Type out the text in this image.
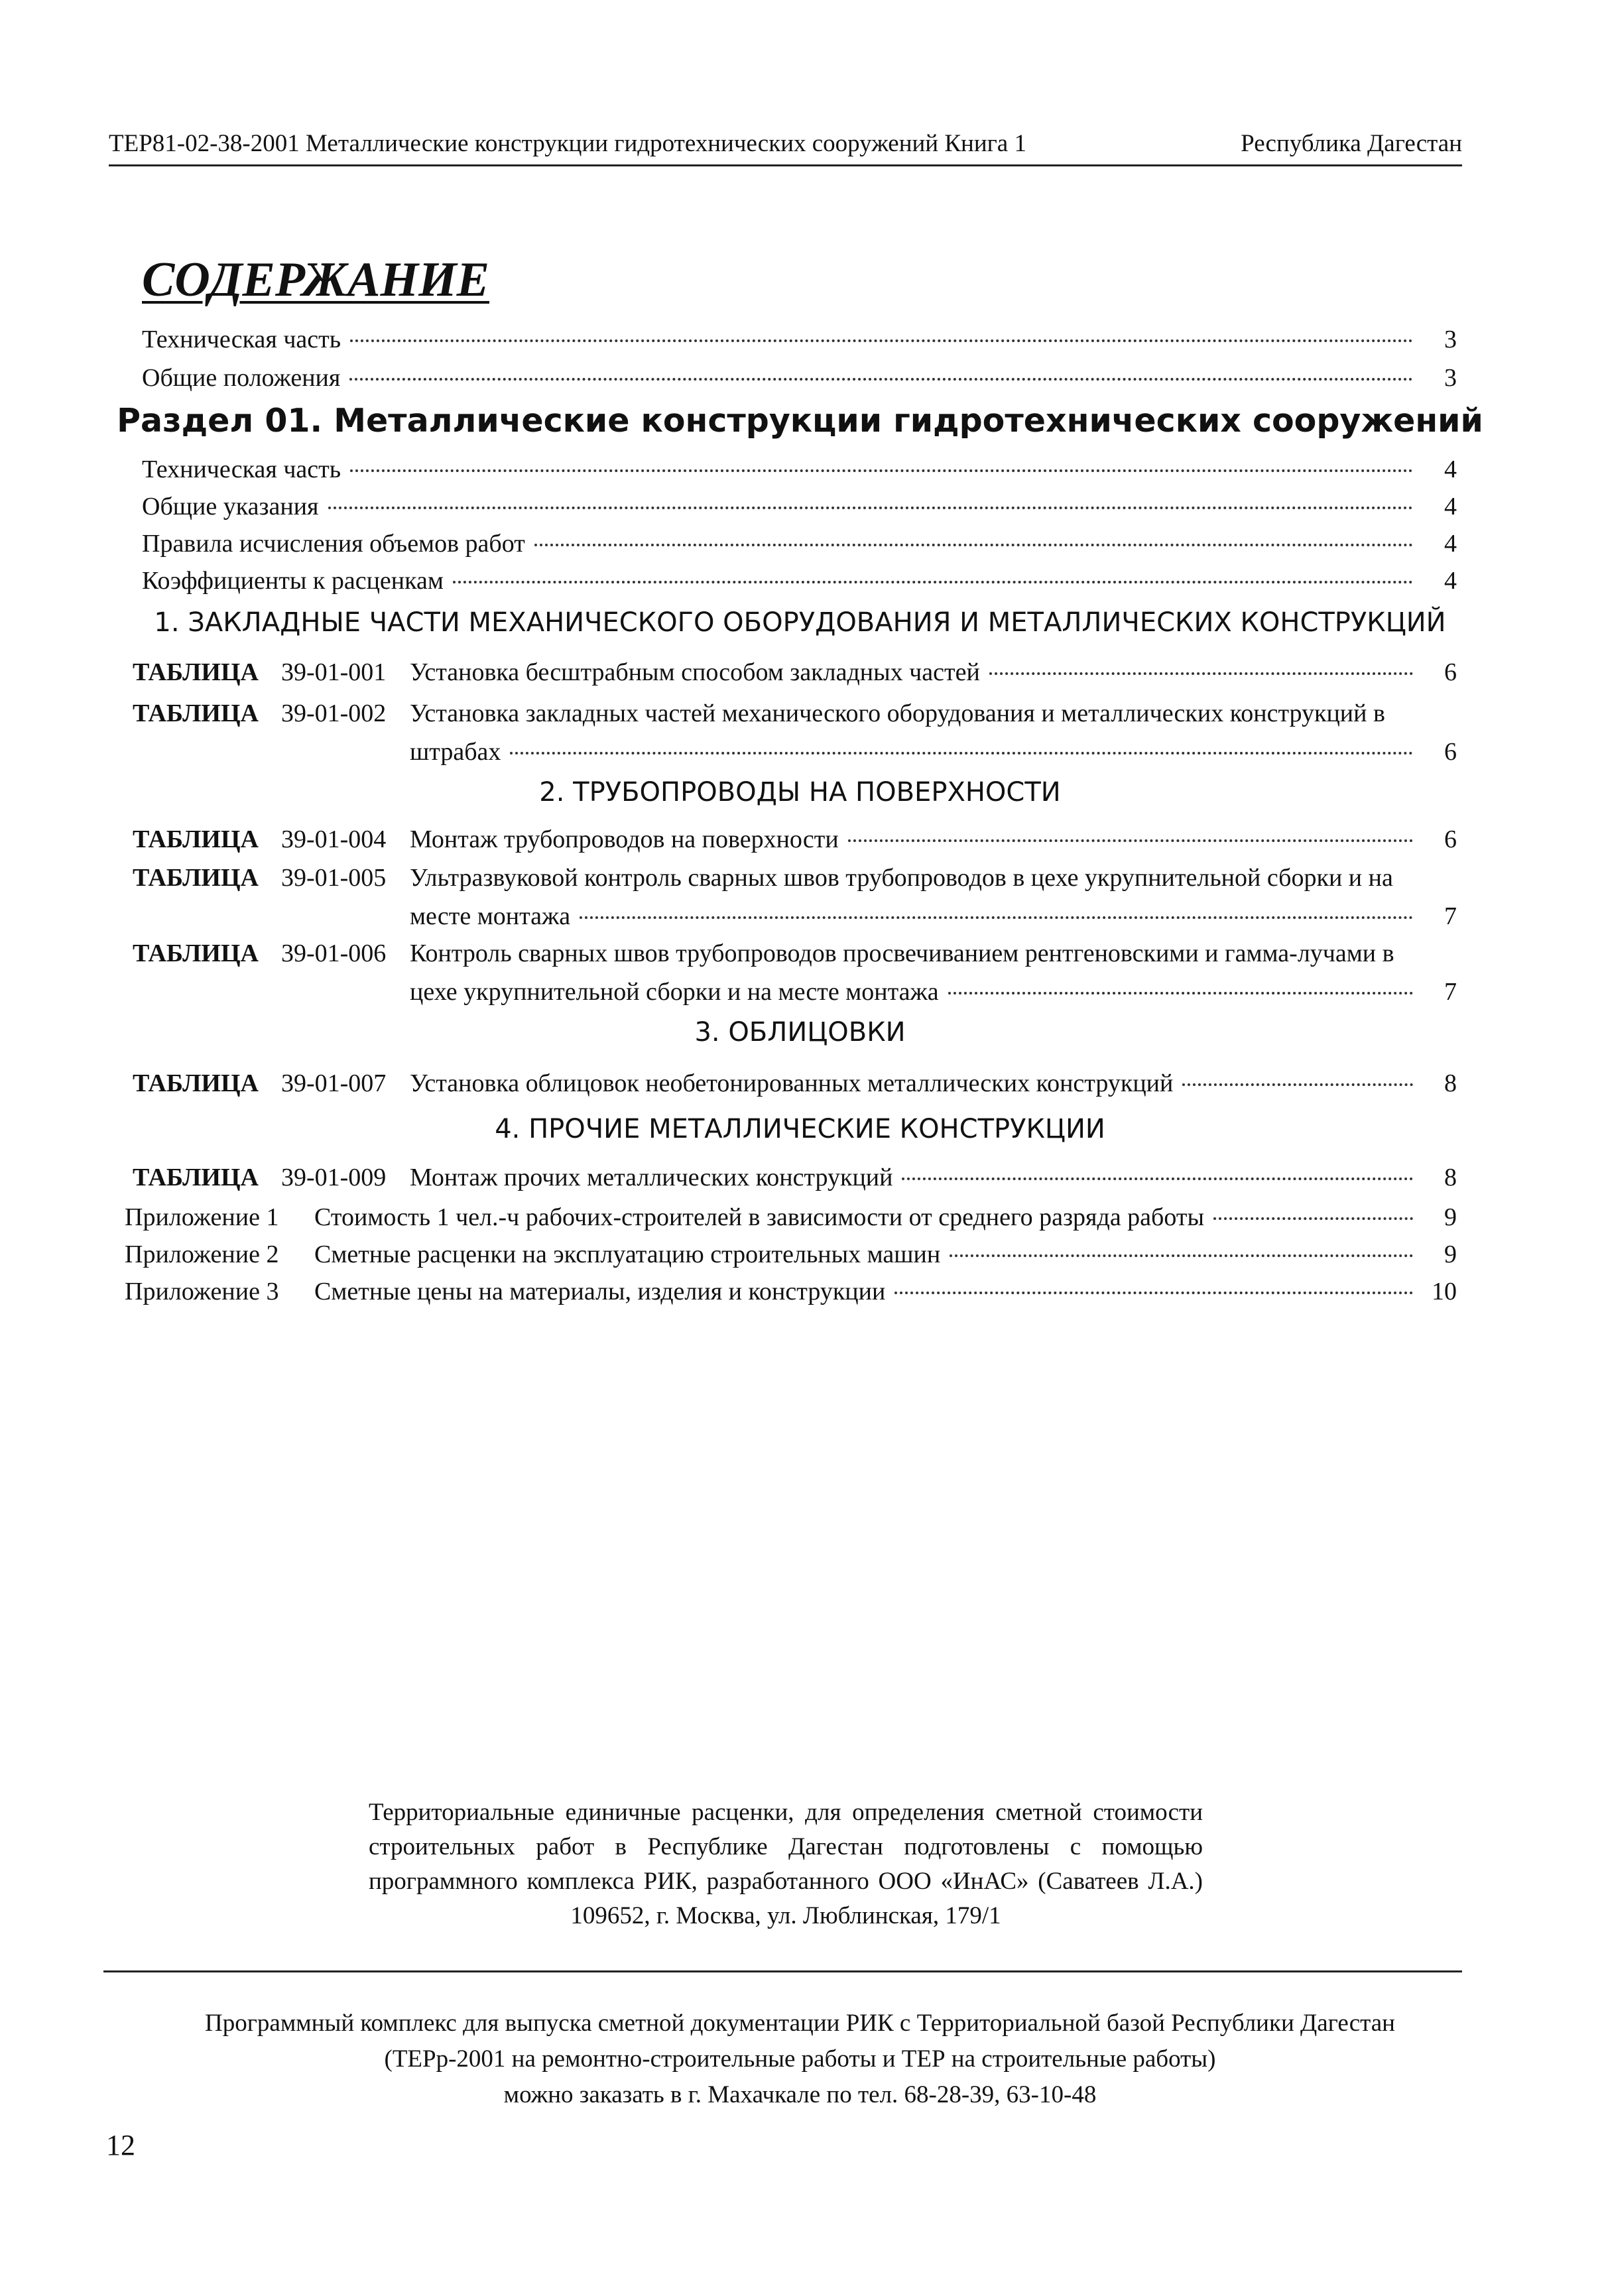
ТЕР81-02-38-2001 Металлические конструкции гидротехнических сооружений Книга 1	Республика Дагестан
СОДЕРЖАНИЕ
Техническая часть	3
Общие положения	3
Раздел 01. Металлические конструкции гидротехнических сооружений
Техническая часть	4
Общие указания	4
Правила исчисления объемов работ	4
Коэффициенты к расценкам	4
1. ЗАКЛАДНЫЕ ЧАСТИ МЕХАНИЧЕСКОГО ОБОРУДОВАНИЯ И МЕТАЛЛИЧЕСКИХ КОНСТРУКЦИЙ
ТАБЛИЦА 39-01-001 Установка бесштрабным способом закладных частей	6
ТАБЛИЦА 39-01-002 Установка закладных частей механического оборудования и металлических конструкций в
штрабах	6
2. ТРУБОПРОВОДЫ НА ПОВЕРХНОСТИ
ТАБЛИЦА 39-01-004 Монтаж трубопроводов на поверхности	6
ТАБЛИЦА 39-01-005 Ультразвуковой контроль сварных швов трубопроводов в цехе укрупнительной сборки и на
месте монтажа	7
ТАБЛИЦА 39-01-006 Контроль сварных швов трубопроводов просвечиванием рентгеновскими и гамма-лучами в
цехе укрупнительной сборки и на месте монтажа	7
3. ОБЛИЦОВКИ
ТАБЛИЦА 39-01-007 Установка облицовок необетонированных металлических конструкций	8
4. ПРОЧИЕ МЕТАЛЛИЧЕСКИЕ КОНСТРУКЦИИ
ТАБЛИЦА 39-01-009 Монтаж прочих металлических конструкций	8
Приложение 1 Стоимость 1 чел.-ч рабочих-строителей в зависимости от среднего разряда работы	9
Приложение 2 Сметные расценки на эксплуатацию строительных машин	9
Приложение 3 Сметные цены на материалы, изделия и конструкции	10
Территориальные единичные расценки, для определения сметной стоимости
строительных работ в Республике Дагестан подготовлены с помощью
программного комплекса РИК, разработанного ООО «ИнАС» (Саватеев Л.А.)
109652, г. Москва, ул. Люблинская, 179/1
Программный комплекс для выпуска сметной документации РИК с Территориальной базой Республики Дагестан
(ТЕРр-2001 на ремонтно-строительные работы и ТЕР на строительные работы)
можно заказать в г. Махачкале по тел. 68-28-39, 63-10-48
12
